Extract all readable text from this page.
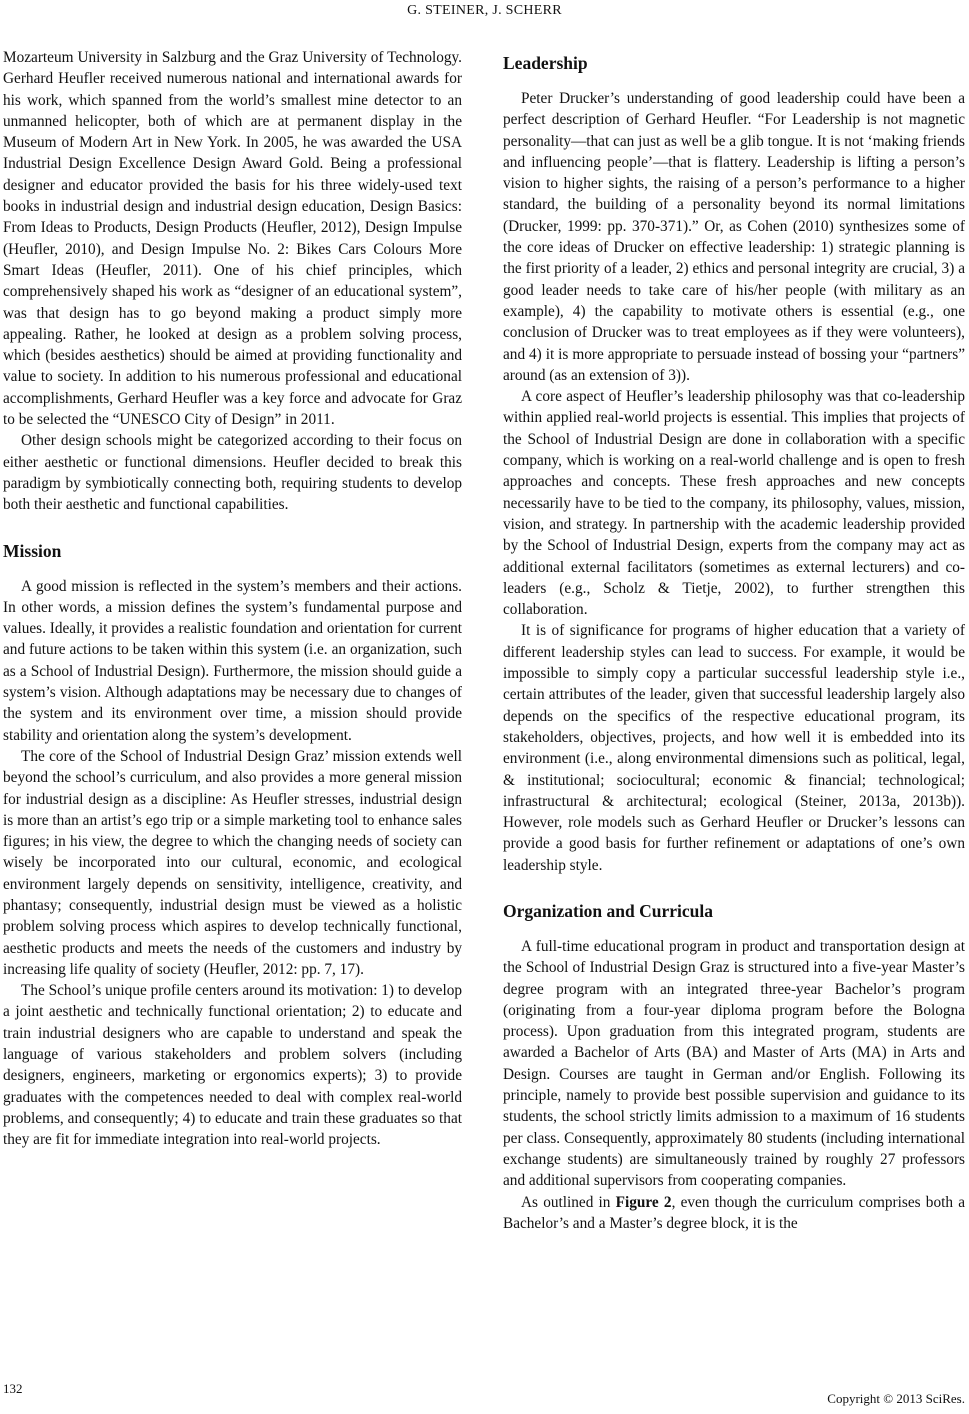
G. STEINER, J. SCHERR

Mozarteum University in Salzburg and the Graz University of Technology. Gerhard Heufler received numerous national and international awards for his work, which spanned from the world’s smallest mine detector to an unmanned helicopter, both of which are at permanent display in the Museum of Modern Art in New York. In 2005, he was awarded the USA Industrial Design Excellence Design Award Gold. Being a professional designer and educator provided the basis for his three widely-used text books in industrial design and industrial design education, Design Basics: From Ideas to Products, Design Products (Heufler, 2012), Design Impulse (Heufler, 2010), and Design Impulse No. 2: Bikes Cars Colours More Smart Ideas (Heufler, 2011). One of his chief principles, which comprehensively shaped his work as “designer of an educational system”, was that design has to go beyond making a product simply more appealing. Rather, he looked at design as a problem solving process, which (besides aesthetics) should be aimed at providing functionality and value to society. In addition to his numerous professional and educational accomplishments, Gerhard Heufler was a key force and advocate for Graz to be selected the “UNESCO City of Design” in 2011.

Other design schools might be categorized according to their focus on either aesthetic or functional dimensions. Heufler decided to break this paradigm by symbiotically connecting both, requiring students to develop both their aesthetic and functional capabilities.

Mission

A good mission is reflected in the system’s members and their actions. In other words, a mission defines the system’s fundamental purpose and values. Ideally, it provides a realistic foundation and orientation for current and future actions to be taken within this system (i.e. an organization, such as a School of Industrial Design). Furthermore, the mission should guide a system’s vision. Although adaptations may be necessary due to changes of the system and its environment over time, a mission should provide stability and orientation along the system’s development.

The core of the School of Industrial Design Graz’ mission extends well beyond the school’s curriculum, and also provides a more general mission for industrial design as a discipline: As Heufler stresses, industrial design is more than an artist’s ego trip or a simple marketing tool to enhance sales figures; in his view, the degree to which the changing needs of society can wisely be incorporated into our cultural, economic, and ecological environment largely depends on sensitivity, intelligence, creativity, and phantasy; consequently, industrial design must be viewed as a holistic problem solving process which aspires to develop technically functional, aesthetic products and meets the needs of the customers and industry by increasing life quality of society (Heufler, 2012: pp. 7, 17).

The School’s unique profile centers around its motivation: 1) to develop a joint aesthetic and technically functional orientation; 2) to educate and train industrial designers who are capable to understand and speak the language of various stakeholders and problem solvers (including designers, engineers, marketing or ergonomics experts); 3) to provide graduates with the competences needed to deal with complex real-world problems, and consequently; 4) to educate and train these graduates so that they are fit for immediate integration into real-world projects.

Leadership

Peter Drucker’s understanding of good leadership could have been a perfect description of Gerhard Heufler. “For Leadership is not magnetic personality—that can just as well be a glib tongue. It is not ‘making friends and influencing people’—that is flattery. Leadership is lifting a person’s vision to higher sights, the raising of a person’s performance to a higher standard, the building of a personality beyond its normal limitations (Drucker, 1999: pp. 370-371).” Or, as Cohen (2010) synthesizes some of the core ideas of Drucker on effective leadership: 1) strategic planning is the first priority of a leader, 2) ethics and personal integrity are crucial, 3) a good leader needs to take care of his/her people (with military as an example), 4) the capability to motivate others is essential (e.g., one conclusion of Drucker was to treat employees as if they were volunteers), and 4) it is more appropriate to persuade instead of bossing your “partners” around (as an extension of 3)).

A core aspect of Heufler’s leadership philosophy was that co-leadership within applied real-world projects is essential. This implies that projects of the School of Industrial Design are done in collaboration with a specific company, which is working on a real-world challenge and is open to fresh approaches and concepts. These fresh approaches and new concepts necessarily have to be tied to the company, its philosophy, values, mission, vision, and strategy. In partnership with the academic leadership provided by the School of Industrial Design, experts from the company may act as additional external facilitators (sometimes as external lecturers) and co-leaders (e.g., Scholz & Tietje, 2002), to further strengthen this collaboration.

It is of significance for programs of higher education that a variety of different leadership styles can lead to success. For example, it would be impossible to simply copy a particular successful leadership style i.e., certain attributes of the leader, given that successful leadership largely also depends on the specifics of the respective educational program, its stakeholders, objectives, projects, and how well it is embedded into its environment (i.e., along environmental dimensions such as political, legal, & institutional; sociocultural; economic & financial; technological; infrastructural & architectural; ecological (Steiner, 2013a, 2013b)). However, role models such as Gerhard Heufler or Drucker’s lessons can provide a good basis for further refinement or adaptations of one’s own leadership style.

Organization and Curricula

A full-time educational program in product and transportation design at the School of Industrial Design Graz is structured into a five-year Master’s degree program with an integrated three-year Bachelor’s program (originating from a four-year diploma program before the Bologna process). Upon graduation from this integrated program, students are awarded a Bachelor of Arts (BA) and Master of Arts (MA) in Arts and Design. Courses are taught in German and/or English. Following its principle, namely to provide best possible supervision and guidance to its students, the school strictly limits admission to a maximum of 16 students per class. Consequently, approximately 80 students (including international exchange students) are simultaneously trained by roughly 27 professors and additional supervisors from cooperating companies.

As outlined in Figure 2, even though the curriculum comprises both a Bachelor’s and a Master’s degree block, it is the

132
Copyright © 2013 SciRes.
